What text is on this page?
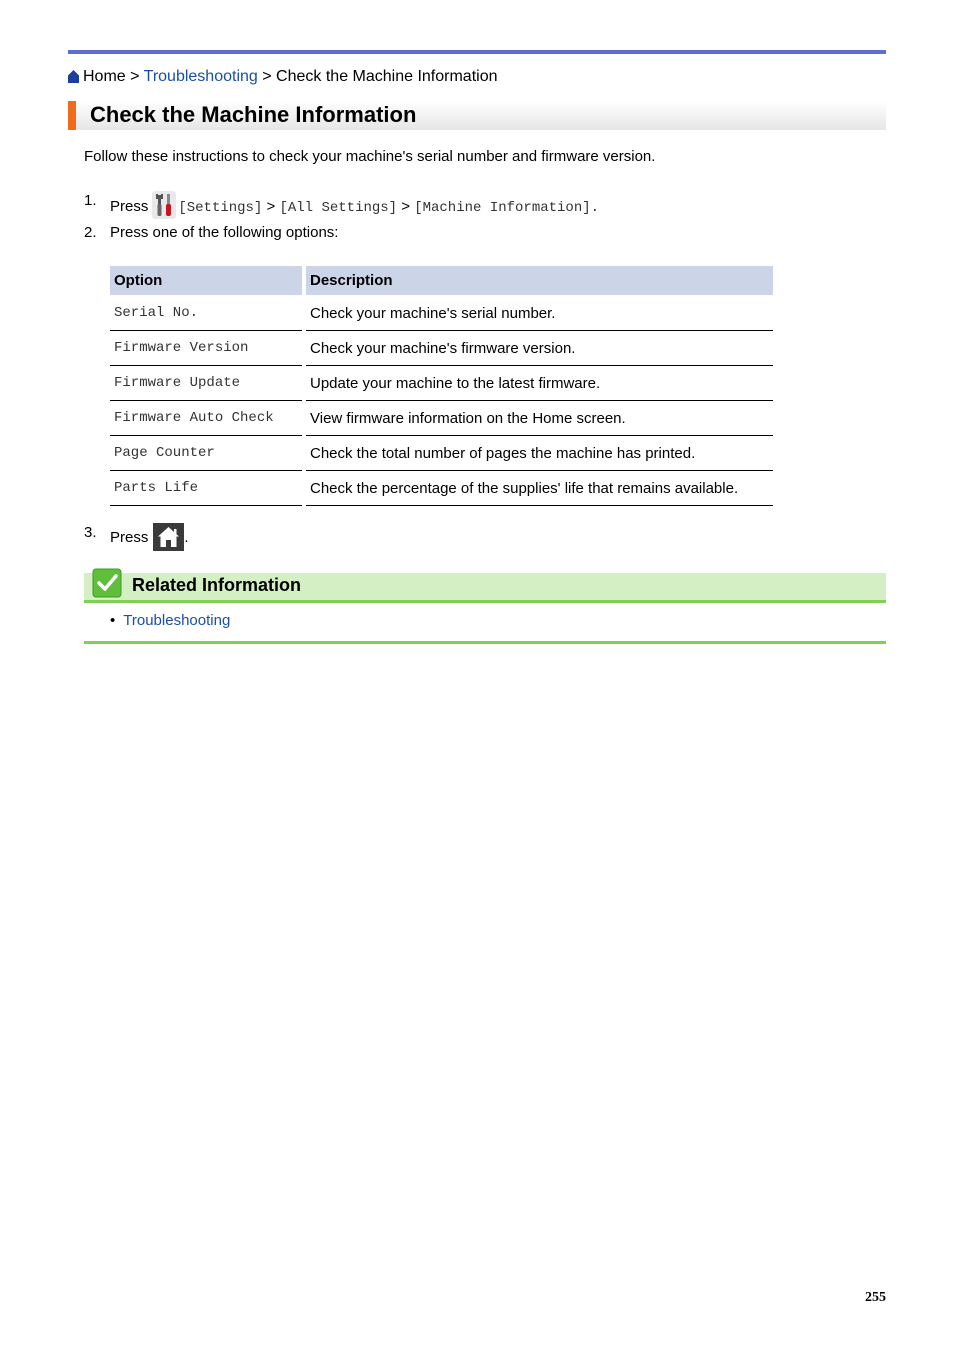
Home > Troubleshooting > Check the Machine Information
Check the Machine Information
Follow these instructions to check your machine's serial number and firmware version.
1. Press [Settings] > [All Settings] > [Machine Information].
2. Press one of the following options:
Option		Description
Serial No.		Check your machine's serial number.
Firmware Version		Check your machine's firmware version.
Firmware Update		Update your machine to the latest firmware.
Firmware Auto Check		View firmware information on the Home screen.
Page Counter		Check the total number of pages the machine has printed.
Parts Life		Check the percentage of the supplies' life that remains available.
3. Press .
Related Information
• Troubleshooting
255
